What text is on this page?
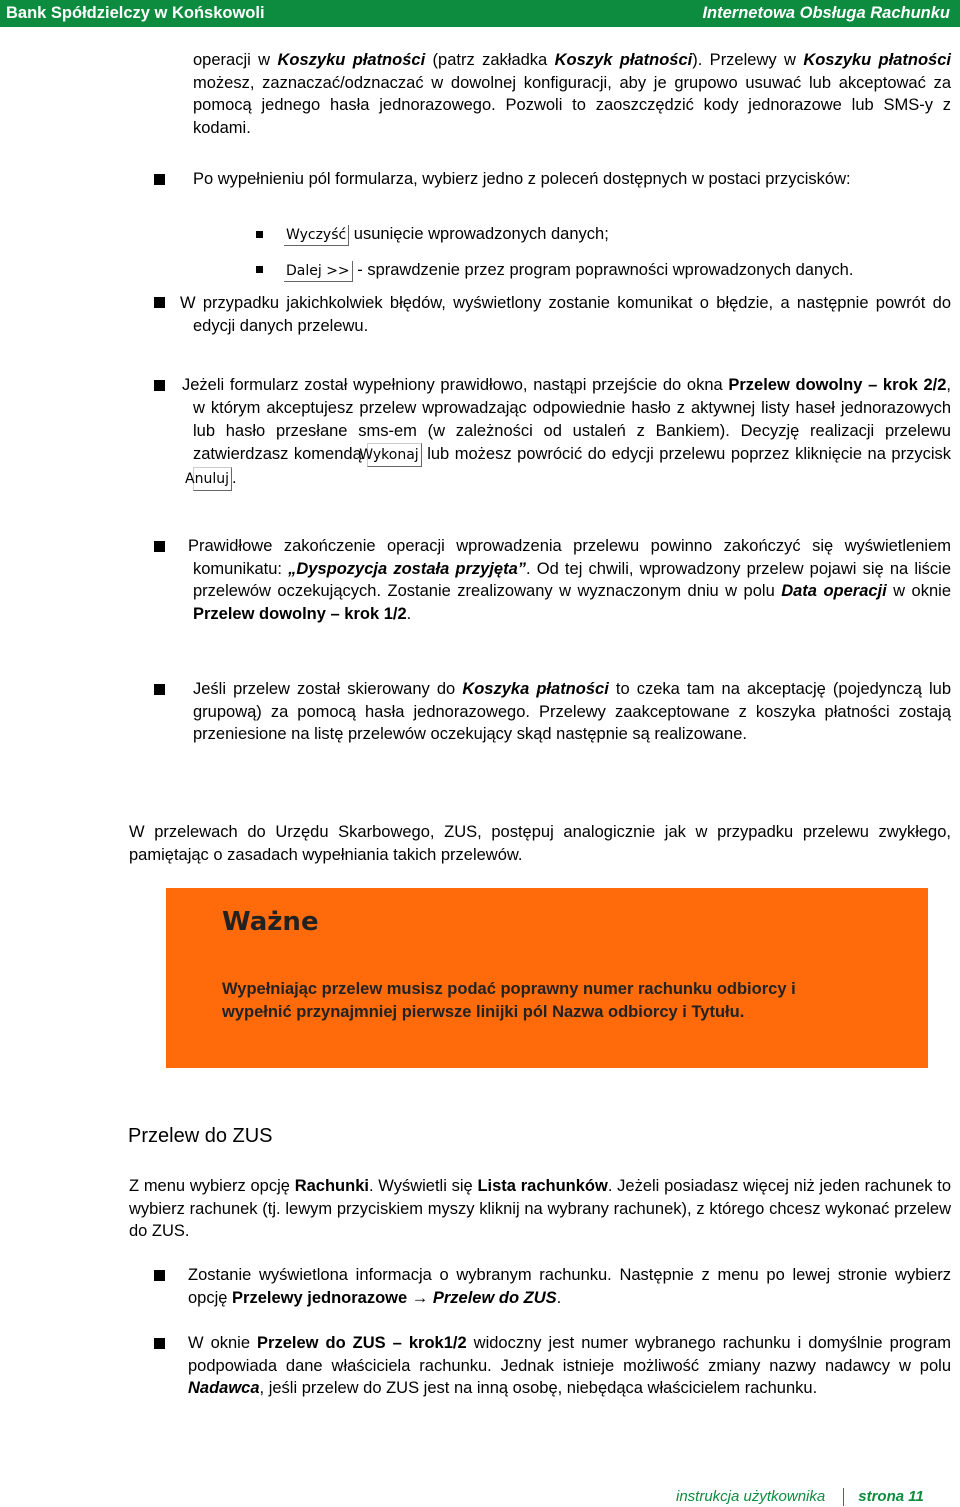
Bank Spółdzielczy w Końskowoli	Internetowa Obsługa Rachunku

operacji w Koszyku płatności (patrz zakładka Koszyk płatności). Przelewy w Koszyku płatności możesz, zaznaczać/odznaczać w dowolnej konfiguracji, aby je grupowo usuwać lub akceptować za pomocą jednego hasła jednorazowego. Pozwoli to zaoszczędzić kody jednorazowe lub SMS-y z kodami.

Po wypełnieniu pól formularza, wybierz jedno z poleceń dostępnych w postaci przycisków:

Wyczyść usunięcie wprowadzonych danych;
Dalej >> - sprawdzenie przez program poprawności wprowadzonych danych.

W przypadku jakichkolwiek błędów, wyświetlony zostanie komunikat o błędzie, a następnie powrót do edycji danych przelewu.

Jeżeli formularz został wypełniony prawidłowo, nastąpi przejście do okna Przelew dowolny – krok 2/2, w którym akceptujesz przelew wprowadzając odpowiednie hasło z aktywnej listy haseł jednorazowych lub hasło przesłane sms-em (w zależności od ustaleń z Bankiem). Decyzję realizacji przelewu zatwierdzasz komendą Wykonaj lub możesz powrócić do edycji przelewu poprzez kliknięcie na przycisk Anuluj .

Prawidłowe zakończenie operacji wprowadzenia przelewu powinno zakończyć się wyświetleniem komunikatu: „Dyspozycja została przyjęta”. Od tej chwili, wprowadzony przelew pojawi się na liście przelewów oczekujących. Zostanie zrealizowany w wyznaczonym dniu w polu Data operacji w oknie Przelew dowolny – krok 1/2.

Jeśli przelew został skierowany do Koszyka płatności to czeka tam na akceptację (pojedynczą lub grupową) za pomocą hasła jednorazowego. Przelewy zaakceptowane z koszyka płatności zostają przeniesione na listę przelewów oczekujący skąd następnie są realizowane.

W przelewach do Urzędu Skarbowego, ZUS, postępuj analogicznie jak w przypadku przelewu zwykłego, pamiętając o zasadach wypełniania takich przelewów.

Ważne
Wypełniając przelew musisz podać poprawny numer rachunku odbiorcy i wypełnić przynajmniej pierwsze linijki pól Nazwa odbiorcy i Tytułu.
Przelew do ZUS

Z menu wybierz opcję Rachunki. Wyświetli się Lista rachunków. Jeżeli posiadasz więcej niż jeden rachunek to wybierz rachunek (tj. lewym przyciskiem myszy kliknij na wybrany rachunek), z którego chcesz wykonać przelew do ZUS.

Zostanie wyświetlona informacja o wybranym rachunku. Następnie z menu po lewej stronie wybierz opcję Przelewy jednorazowe → Przelew do ZUS.

W oknie Przelew do ZUS – krok1/2 widoczny jest numer wybranego rachunku i domyślnie program podpowiada dane właściciela rachunku. Jednak istnieje możliwość zmiany nazwy nadawcy w polu Nadawca, jeśli przelew do ZUS jest na inną osobę, niebędąca właścicielem rachunku.

instrukcja użytkownika strona 11
